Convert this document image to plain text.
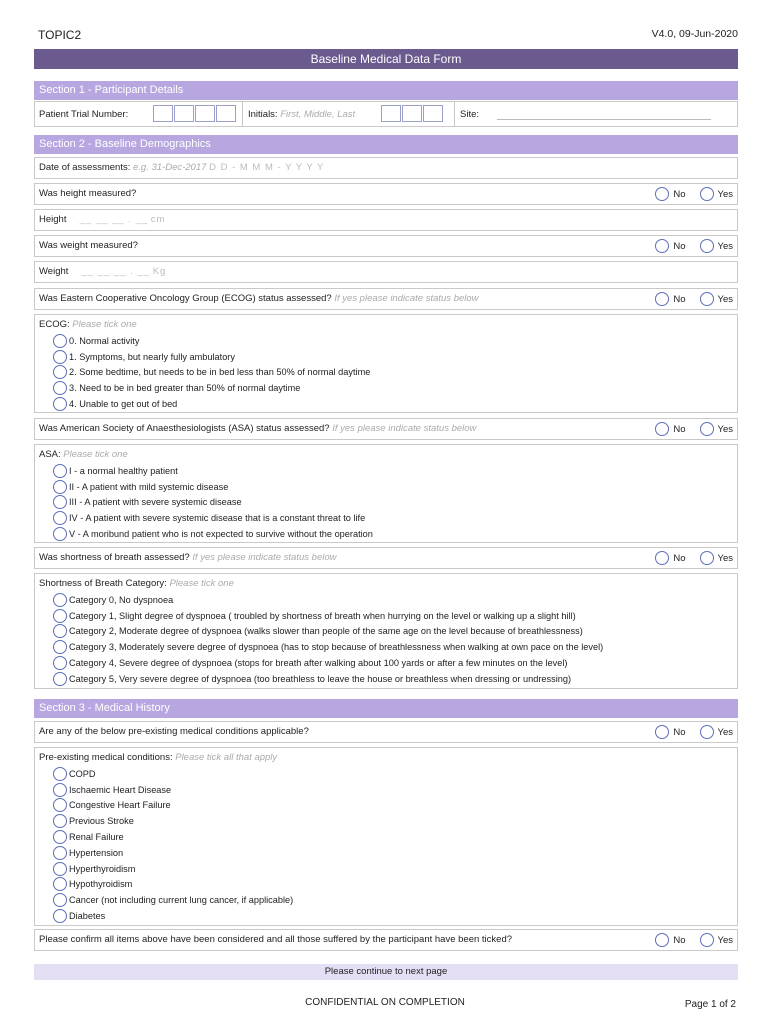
TOPIC2	V4.0, 09-Jun-2020
Baseline Medical Data Form
Section 1 - Participant Details
Patient Trial Number:	Initials: First, Middle, Last	Site:
Section 2 - Baseline Demographics
Date of assessments: e.g. 31-Dec-2017 D D - M M M - Y Y Y Y
Was height measured?	No	Yes
Height __ __ __ . __ cm
Was weight measured?	No	Yes
Weight __ __ __ . __ Kg
Was Eastern Cooperative Oncology Group (ECOG) status assessed? If yes please indicate status below	No	Yes
ECOG: Please tick one
0. Normal activity
1. Symptoms, but nearly fully ambulatory
2. Some bedtime, but needs to be in bed less than 50% of normal daytime
3. Need to be in bed greater than 50% of normal daytime
4. Unable to get out of bed
Was American Society of Anaesthesiologists (ASA) status assessed? If yes please indicate status below	No	Yes
ASA: Please tick one
I - a normal healthy patient
II - A patient with mild systemic disease
III - A patient with severe systemic disease
IV - A patient with severe systemic disease that is a constant threat to life
V - A moribund patient who is not expected to survive without the operation
Was shortness of breath assessed? If yes please indicate status below	No	Yes
Shortness of Breath Category: Please tick one
Category 0, No dyspnoea
Category 1, Slight degree of dyspnoea ( troubled by shortness of breath when hurrying on the level or walking up a slight hill)
Category 2, Moderate degree of dyspnoea (walks slower than people of the same age on the level because of breathlessness)
Category 3, Moderately severe degree of dyspnoea (has to stop because of breathlessness when walking at own pace on the level)
Category 4, Severe degree of dyspnoea (stops for breath after walking about 100 yards or after a few minutes on the level)
Category 5, Very severe degree of dyspnoea (too breathless to leave the house or breathless when dressing or undressing)
Section 3 - Medical History
Are any of the below pre-existing medical conditions applicable?	No	Yes
Pre-existing medical conditions: Please tick all that apply
COPD
Ischaemic Heart Disease
Congestive Heart Failure
Previous Stroke
Renal Failure
Hypertension
Hyperthyroidism
Hypothyroidism
Cancer (not including current lung cancer, if applicable)
Diabetes
Please confirm all items above have been considered and all those suffered by the participant have been ticked?	No	Yes
Please continue to next page
CONFIDENTIAL ON COMPLETION	Page 1 of 2
